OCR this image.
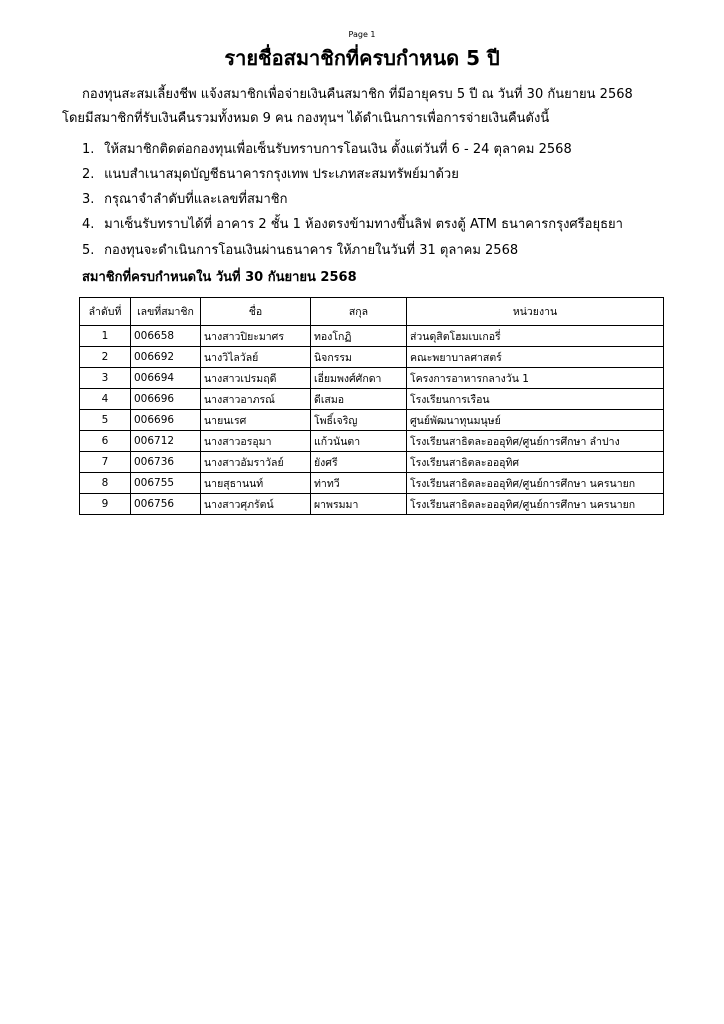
Page 1
รายชื่อสมาชิกที่ครบกำหนด 5 ปี
กองทุนสะสมเลี้ยงชีพ แจ้งสมาชิกเพื่อจ่ายเงินคืนสมาชิก ที่มีอายุครบ 5 ปี ณ วันที่ 30 กันยายน 2568
โดยมีสมาชิกที่รับเงินคืนรวมทั้งหมด 9 คน กองทุนฯ ได้ดำเนินการเพื่อการจ่ายเงินคืนดังนี้
1. ให้สมาชิกติดต่อกองทุนเพื่อเซ็นรับทราบการโอนเงิน ตั้งแต่วันที่ 6 - 24 ตุลาคม 2568
2. แนบสำเนาสมุดบัญชีธนาคารกรุงเทพ ประเภทสะสมทรัพย์มาด้วย
3. กรุณาจำลำดับที่และเลขที่สมาชิก
4. มาเซ็นรับทราบได้ที่ อาคาร 2 ชั้น 1 ห้องตรงข้ามทางขึ้นลิฟ ตรงตู้ ATM ธนาคารกรุงศรีอยุธยา
5. กองทุนจะดำเนินการโอนเงินผ่านธนาคาร ให้ภายในวันที่ 31 ตุลาคม 2568
สมาชิกที่ครบกำหนดใน วันที่ 30 กันยายน 2568
ลำดับที่	เลขที่สมาชิก	ชื่อ	สกุล	หน่วยงาน
1	006658	นางสาวปิยะมาศร	ทองโกฏิ	ส่วนดุสิตโฮมเบเกอรี่
2	006692	นางวิไลวัลย์	นิจกรรม	คณะพยาบาลศาสตร์
3	006694	นางสาวเปรมฤดี	เอี่ยมพงศ์ศักดา	โครงการอาหารกลางวัน 1
4	006696	นางสาวอาภรณ์	ดีเสมอ	โรงเรียนการเรือน
5	006696	นายนเรศ	โพธิ์เจริญ	ศูนย์พัฒนาทุนมนุษย์
6	006712	นางสาวอรอุมา	แก้วนันตา	โรงเรียนสาธิตละอออุทิศ/ศูนย์การศึกษา ลำปาง
7	006736	นางสาวอัมราวัลย์	ยังศรี	โรงเรียนสาธิตละอออุทิศ
8	006755	นายสุธานนท์	ท่าทวี	โรงเรียนสาธิตละอออุทิศ/ศูนย์การศึกษา นครนายก
9	006756	นางสาวศุภรัตน์	ผาพรมมา	โรงเรียนสาธิตละอออุทิศ/ศูนย์การศึกษา นครนายก
